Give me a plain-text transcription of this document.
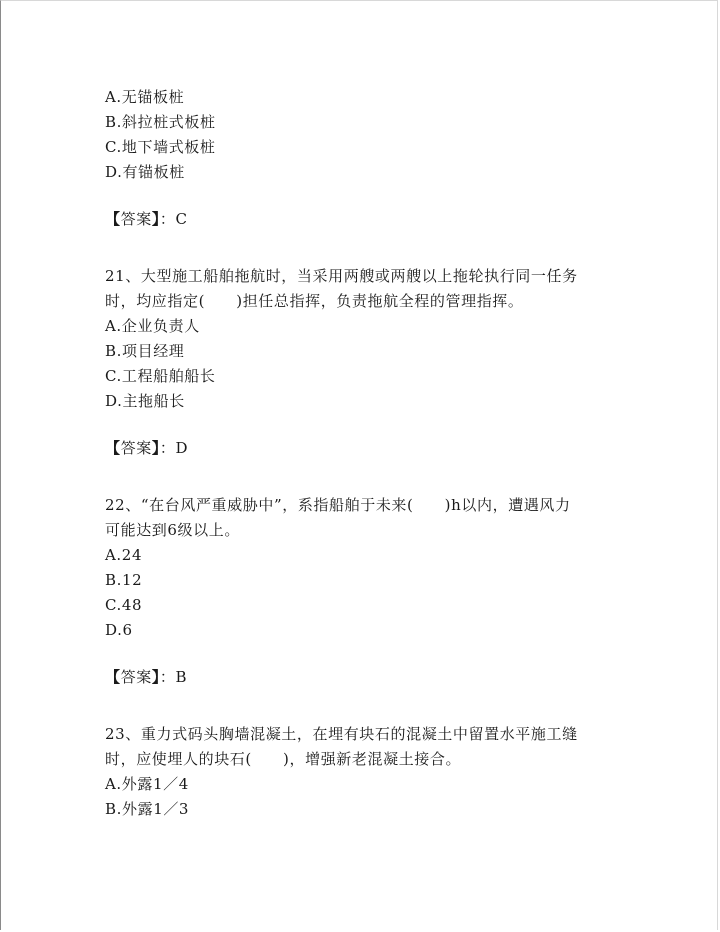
A.无锚板桩
B.斜拉桩式板桩
C.地下墙式板桩
D.有锚板桩
【答案】：C
21、大型施工船舶拖航时，当采用两艘或两艘以上拖轮执行同一任务
时，均应指定(　　)担任总指挥，负责拖航全程的管理指挥。
A.企业负责人
B.项目经理
C.工程船舶船长
D.主拖船长
【答案】：D
22、“在台风严重威胁中”，系指船舶于未来(　　)h以内，遭遇风力
可能达到6级以上。
A.24
B.12
C.48
D.6
【答案】：B
23、重力式码头胸墙混凝土，在埋有块石的混凝土中留置水平施工缝
时，应使埋人的块石(　　)，增强新老混凝土接合。
A.外露1／4
B.外露1／3
